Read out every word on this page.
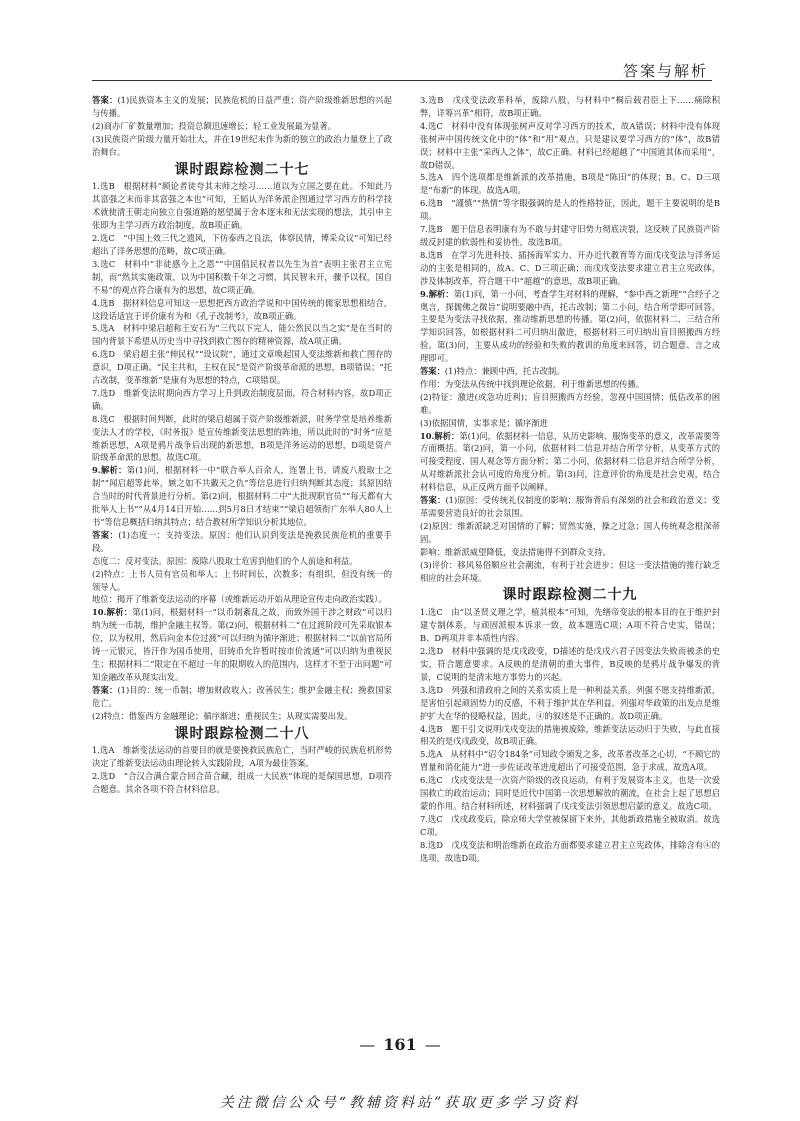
答案与解析

答案：(1)民族资本主义的发展；民族危机的日益严重；资产阶级维新思想的兴起与传播。

(2)商办厂矿数量增加；投资总额迅速增长；轻工业发展最为显著。

(3)民族资产阶级力量开始壮大，并在19世纪末作为新的独立的政治力量登上了政治舞台。

课时跟踪检测二十七

1.选B　根据材料“顾论者徒夸其末师之绘习……道以为立国之要在此。不知此乃其富强之末而非其富强之本也”可知，王韬认为洋务派企图通过学习西方的科学技术就使清王朝走向独立自强道路的愿望属于舍本逐末和无法实现的想法，其引申主张即为主学习西方政治制度，故B项正确。

2.选C　“中国上效三代之遗风，下仿泰西之良法，体察民情，博采众议”可知已经超出了洋务思想的范畴，故C项正确。

3.选C　材料中“非徒感今上之恩”“中国倡民权者以先生为首”表明主张君主立宪制，而“然其实施政策，以为中国积数千年之习惯，其民智未开，骤予以权，国自不易”的观点符合康有为的思想，故C项正确。

4.选B　据材料信息可知这一思想把西方政治学说和中国传统的儒家思想相结合，这段话适宜于评价康有为和《孔子改制考》，故B项正确。

5.选A　材料中梁启超称王安石为“三代以下完人，能公然民以当之实”是在当时的国内背景下希望从历史当中寻找到救亡图存的精神资源，故A项正确。

6.选D　梁启超主张“伸民权”“设议院”，通过文章唤起国人变法维新和救亡图存的意识，D项正确。“民主共和，主权在民”是资产阶级革命派的思想，B项错误；“托古改制，变革维新”是康有为思想的特点，C项错误。

7.选D　维新变法时期向西方学习上升到政治制度层面，符合材料内容，故D项正确。

8.选C　根据时间判断，此时的梁启超属于资产阶级维新派，时务学堂是培养维新变法人才的学校，《时务报》是宣传维新变法思想的阵地，所以此时的“时务”应是维新思想，A项是鸦片战争后出现的新思想，B项是洋务运动的思想，D项是资产阶级革命派的思想。故选C项。

9.解析：第(1)问，根据材料一中“联合举人百余人，连署上书，请废八股取士之制”“闻启超等此举，嫉之如不共戴天之仇”等信息进行归纳判断其态度；其原因结合当时的时代背景进行分析。第(2)问，根据材料二中“大批现职官员”“每天都有大批举人上书”“从4月14日开始……到5月8日才结束”“梁启超领衔广东举人80人上书”等信息概括归纳其特点；结合教材所学知识分析其地位。

答案：(1)态度一：支持变法。原因：他们认识到变法是挽救民族危机的重要手段。

态度二：反对变法。原因：废除八股取士危害到他们的个人前途和利益。

(2)特点：上书人员有官员和举人；上书时间长，次数多；有组织，但没有统一的领导人。

地位：揭开了维新变法运动的序幕（或维新运动开始从理论宣传走向政治实践）。

10.解析：第(1)问，根据材料一“以币制紊乱之故，而致外国干涉之财政”可以归纳为统一币制，维护金融主权等。第(2)问，根据材料二“在过渡阶段可先采取银本位，以为权用，然后向金本位过渡”可以归纳为循序渐进；根据材料二“以前官局所铸一元银元，皆汗作为国币使用，旧铸币允许暂时按市价流通”可以归纳为重视民生；根据材料二“限定在不超过一年的限期收入的范围内，这样才不至于出问题”可知金融改革从现实出发。

答案：(1)目的：统一币制；增加财政收入；改善民生；维护金融主权；挽救国家危亡。

(2)特点：借鉴西方金融理论；循序渐进；重视民生；从现实需要出发。

课时跟踪检测二十八

1.选A　维新变法运动的首要目的就是要挽救民族危亡，当时严峻的民族危机形势决定了维新变法运动由理论转入实践阶段，A项为最佳答案。

2.选D　“合汉合满合蒙合回合苗合藏，组成一大民族”体现的是保国思想，D项符合题意。其余各项不符合材料信息。

3.选B　戊戌变法政革科举，废除八股，与材料中“桐后载君臣上下……痛除积弊，详筹兴革”相符，故B项正确。

4.选C　材料中没有体现张树声反对学习西方的技术，故A错误；材料中没有体现张树声中国传统文化中的“体”和“用”观点，只是建议要学习西方的“体”，故B错误；材料中主张“采西人之体”，故C正确。材料已经超越了“中国道其体而采用”，故D错误。

5.选A　四个选项都是维新派的改革措施，B项是“陈田”的体现；B、C、D三项是“布新”的体现。故选A项。

6.选B　“謹慎”“热情”等字眼强调的是人的性格特征，因此，题干主要说明的是B项。

7.选B　题干信息表明康有为不敢与封建守旧势力彻底决裂，这反映了民族资产阶级反封建的软弱性和妥协性，故选B项。

8.选B　在学习先进科技、插扬海军实力、开办近代教育等方面戊戌变法与洋务运动的主张是相同的，故A、C、D三项正确；而戊戌变法要求建立君主立宪政体，涉及体制改革，符合题干中“超越”的意思，故B项正确。

9.解析：第(1)问，第一小问，考查学生对材料的理解，“参中西之新理”“合经子之奥言，探儒佛之微旨”说明要融中西，托古改制；第二小问，结合所学即可回答，主要是为变法寻找依据，推动维新思想的传播。第(2)问，依据材料二、三结合所学知识回答，如根据材料二可归纳出激进，根据材料三可归纳出盲目照搬西方经验。第(3)问，主要从成功的经验和失败的教训的角度来回答，切合题意、言之成理即可。

答案：(1)特点：兼顾中西，托古改制。

作用：为变法从传统中找到理论依据，利于维新思想的传播。

(2)特征：激进(或急功近利)；盲目照搬西方经验，忽视中国国情；低估改革的困难。

(3)依据国情，实事求是；循序渐进

10.解析：第(1)问，依据材料一信息，从历史影响、服饰变革的意义，改革需要等方面概括。第(2)问，第一小问，依据材料二信息并结合所学分析，从变革方式的可接受程度、国人观念等方面分析；第二小问，依据材料二信息并结合所学分析，从对维新派社会认可度的角度分析。第(3)问，注意评价的角度是社会史观，结合材料信息，从正反两方面予以阐释。

答案：(1)原因：受传统礼仪制度的影响；服饰背后有深刻的社会和政治意义；变革需要营造良好的社会氛围。

(2)原因：维新派缺乏对国情的了解；贸然实施，操之过急；国人传统观念根深蒂固。

影响：维新派威望降低，变法措施得不到群众支持。

(3)评价：移风易俗顺应社会潮流，有利于社会进步；但这一变法措施的推行缺乏相应的社会环境。

课时跟踪检测二十九

1.选C　由“以圣贤义理之学，植其根本”可知，先缮帝变法的根本目的在于维护封建专制体系，与顽固派根本诉求一致，故本题选C项；A项不符合史实，错误；B、D两项并非本质性内容。

2.选D　材料中强调的是戊戌政变，D描述的是戊戌六君子因变法失败而被杀的史实，符合题意要求。A反映的是清朝的重大事件，B反映的是鸦片战争爆发的背景，C说明的是清末地方事势力的兴起。

3.选D　列强和清政府之间的关系实质上是一种利益关系。列强不愿支持维新派，是害怕引起顽固势力的反感，不利于维护其在华利益。列强对华政策的出发点是维护扩大在华的侵略权益，因此，④的叙述是不正确的。故D项正确。

4.选B　题干引文说明戊戌变法的措施被废除，维新变法运动归于失败，与此直接相关的是戊戌政变，故B项正确。

5.选A　从材料中“诏令184条”可知政令颁发之多，改革者改革之心切，“不顾它的胃量和消化能力”进一步佐证改革进度超出了可接受范围，急于求成，故选A项。

6.选C　戊戌变法是一次资产阶级的改良运动，有利于发展资本主义，也是一次爱国救亡的政治运动；同时是近代中国第一次思想解放的潮流，在社会上起了思想启蒙的作用。结合材料所述，材料强调了戊戌变法引领思想启蒙的意义。故选C项。

7.选C　戊戌政变后，除京师大学堂被保留下来外，其他新政措施全被取消。故选C项。

8.选D　戊戌变法和明治维新在政治方面都要求建立君主立宪政体，排除含有④的选项，故选D项。

— 161 —
关注微信公众号“教辅资料站”获取更多学习资料
